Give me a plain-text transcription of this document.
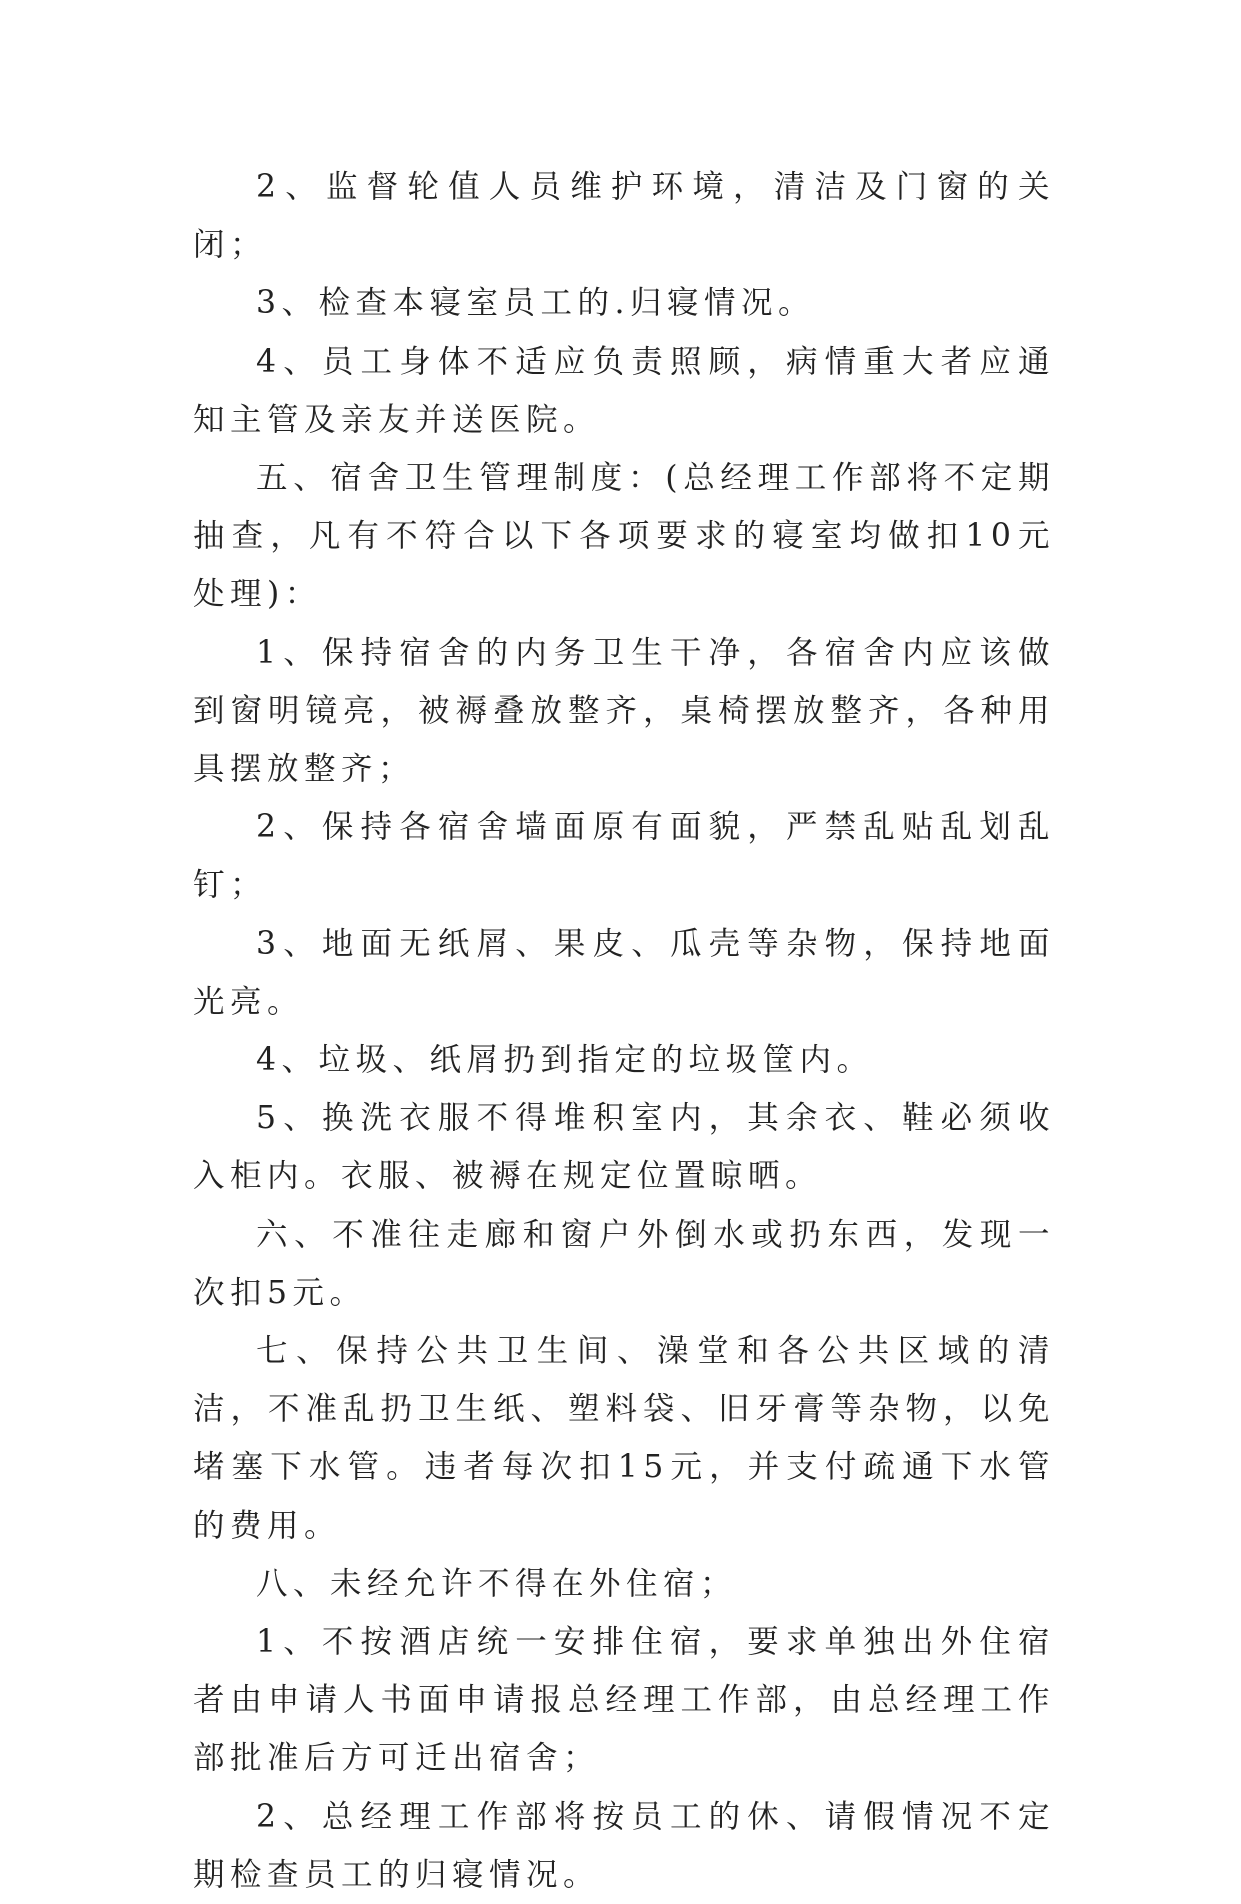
2、监督轮值人员维护环境，清洁及门窗的关闭；

3、检查本寝室员工的.归寝情况。

4、员工身体不适应负责照顾，病情重大者应通知主管及亲友并送医院。

五、宿舍卫生管理制度：(总经理工作部将不定期抽查，凡有不符合以下各项要求的寝室均做扣10元处理)：

1、保持宿舍的内务卫生干净，各宿舍内应该做到窗明镜亮，被褥叠放整齐，桌椅摆放整齐，各种用具摆放整齐；

2、保持各宿舍墙面原有面貌，严禁乱贴乱划乱钉；

3、地面无纸屑、果皮、瓜壳等杂物，保持地面光亮。

4、垃圾、纸屑扔到指定的垃圾筐内。

5、换洗衣服不得堆积室内，其余衣、鞋必须收入柜内。衣服、被褥在规定位置晾晒。

六、不准往走廊和窗户外倒水或扔东西，发现一次扣5元。

七、保持公共卫生间、澡堂和各公共区域的清洁，不准乱扔卫生纸、塑料袋、旧牙膏等杂物，以免堵塞下水管。违者每次扣15元，并支付疏通下水管的费用。

八、未经允许不得在外住宿；

1、不按酒店统一安排住宿，要求单独出外住宿者由申请人书面申请报总经理工作部，由总经理工作部批准后方可迁出宿舍；

2、总经理工作部将按员工的休、请假情况不定期检查员工的归寝情况。
